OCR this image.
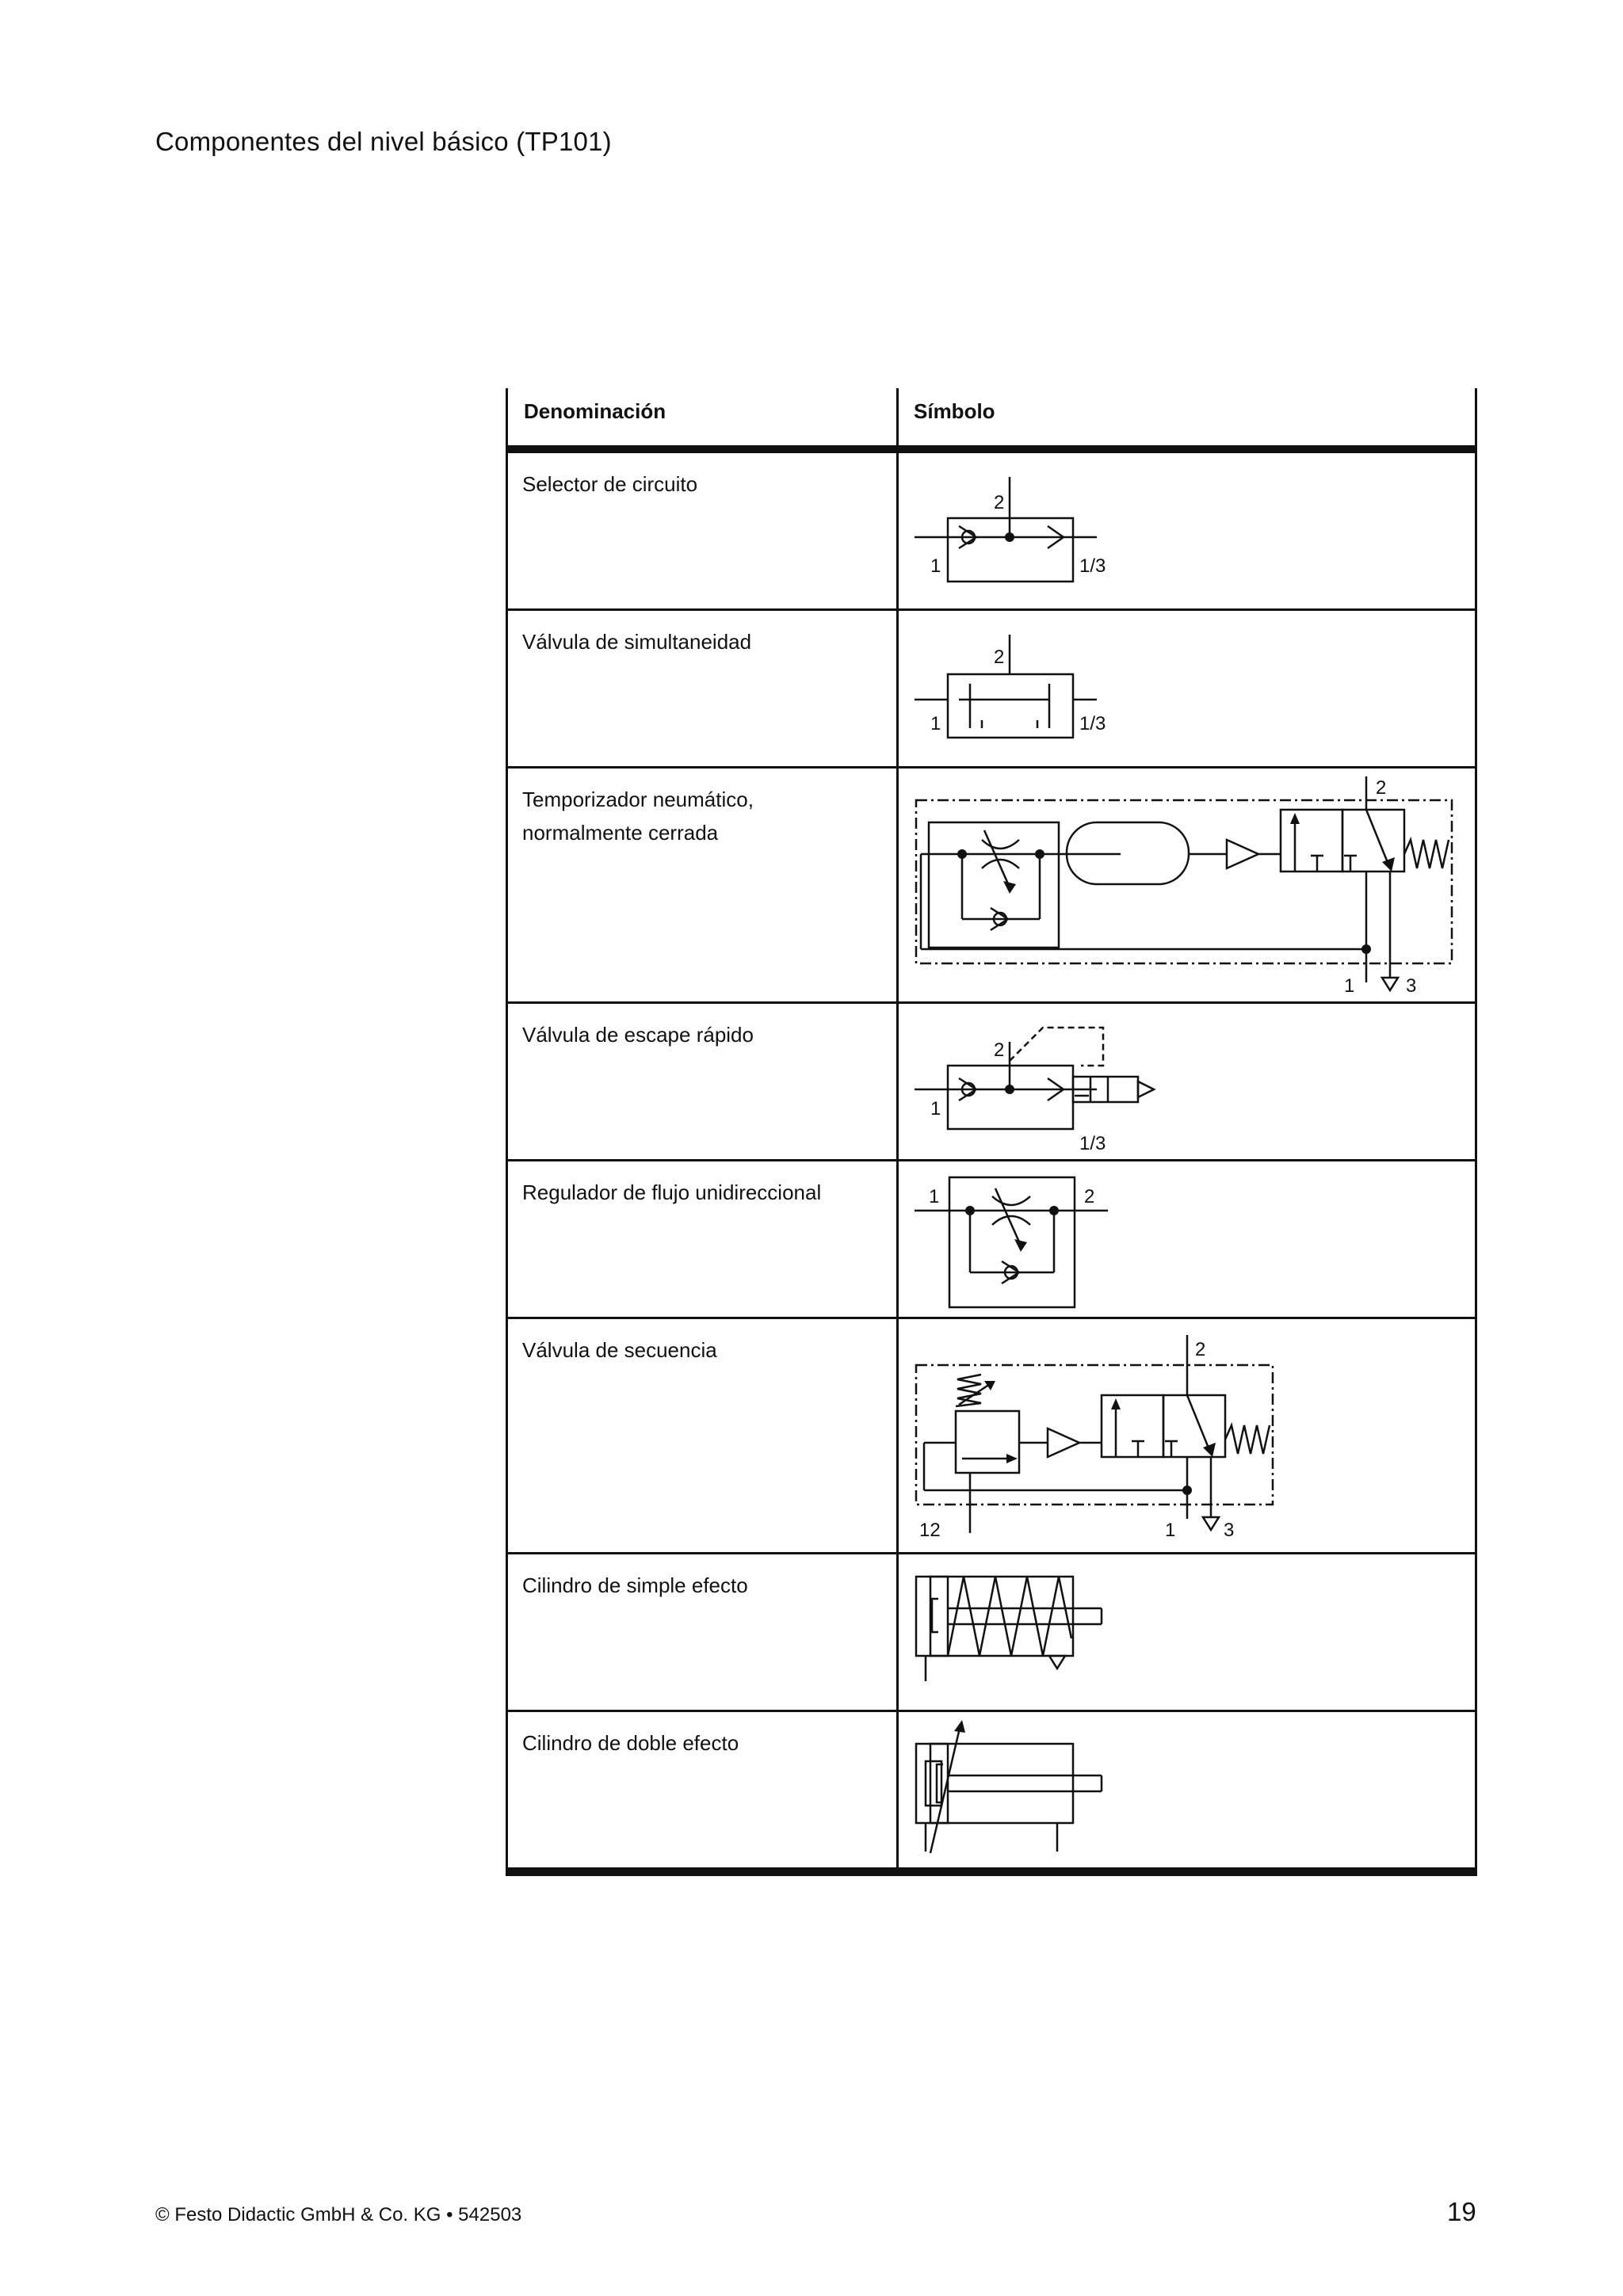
Componentes del nivel básico (TP101)
Denominación	Símbolo
Selector de circuito
2
1	1/3
Válvula de simultaneidad
2
1	1/3
Temporizador neumático,
normalmente cerrada
2
1	3
Válvula de escape rápido
2
1
1/3
Regulador de flujo unidireccional	1	2
Válvula de secuencia	2
12	1	3
Cilindro de simple efecto
Cilindro de doble efecto
© Festo Didactic GmbH & Co. KG • 542503	19
